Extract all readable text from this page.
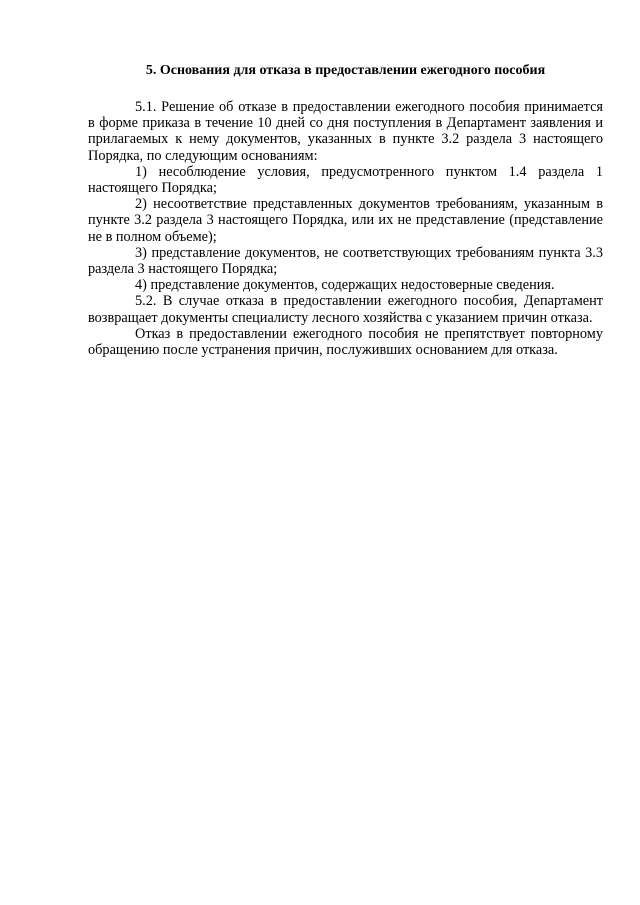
5. Основания для отказа в предоставлении ежегодного пособия

5.1. Решение об отказе в предоставлении ежегодного пособия принимается в форме приказа в течение 10 дней со дня поступления в Департамент заявления и прилагаемых к нему документов, указанных в пункте 3.2 раздела 3 настоящего Порядка, по следующим основаниям:

1) несоблюдение условия, предусмотренного пунктом 1.4 раздела 1 настоящего Порядка;

2) несоответствие представленных документов требованиям, указанным в пункте 3.2 раздела 3 настоящего Порядка, или их не представление (представление не в полном объеме);

3) представление документов, не соответствующих требованиям пункта 3.3 раздела 3 настоящего Порядка;

4) представление документов, содержащих недостоверные сведения.

5.2. В случае отказа в предоставлении ежегодного пособия, Департамент возвращает документы специалисту лесного хозяйства с указанием причин отказа.

Отказ в предоставлении ежегодного пособия не препятствует повторному обращению после устранения причин, послуживших основанием для отказа.
